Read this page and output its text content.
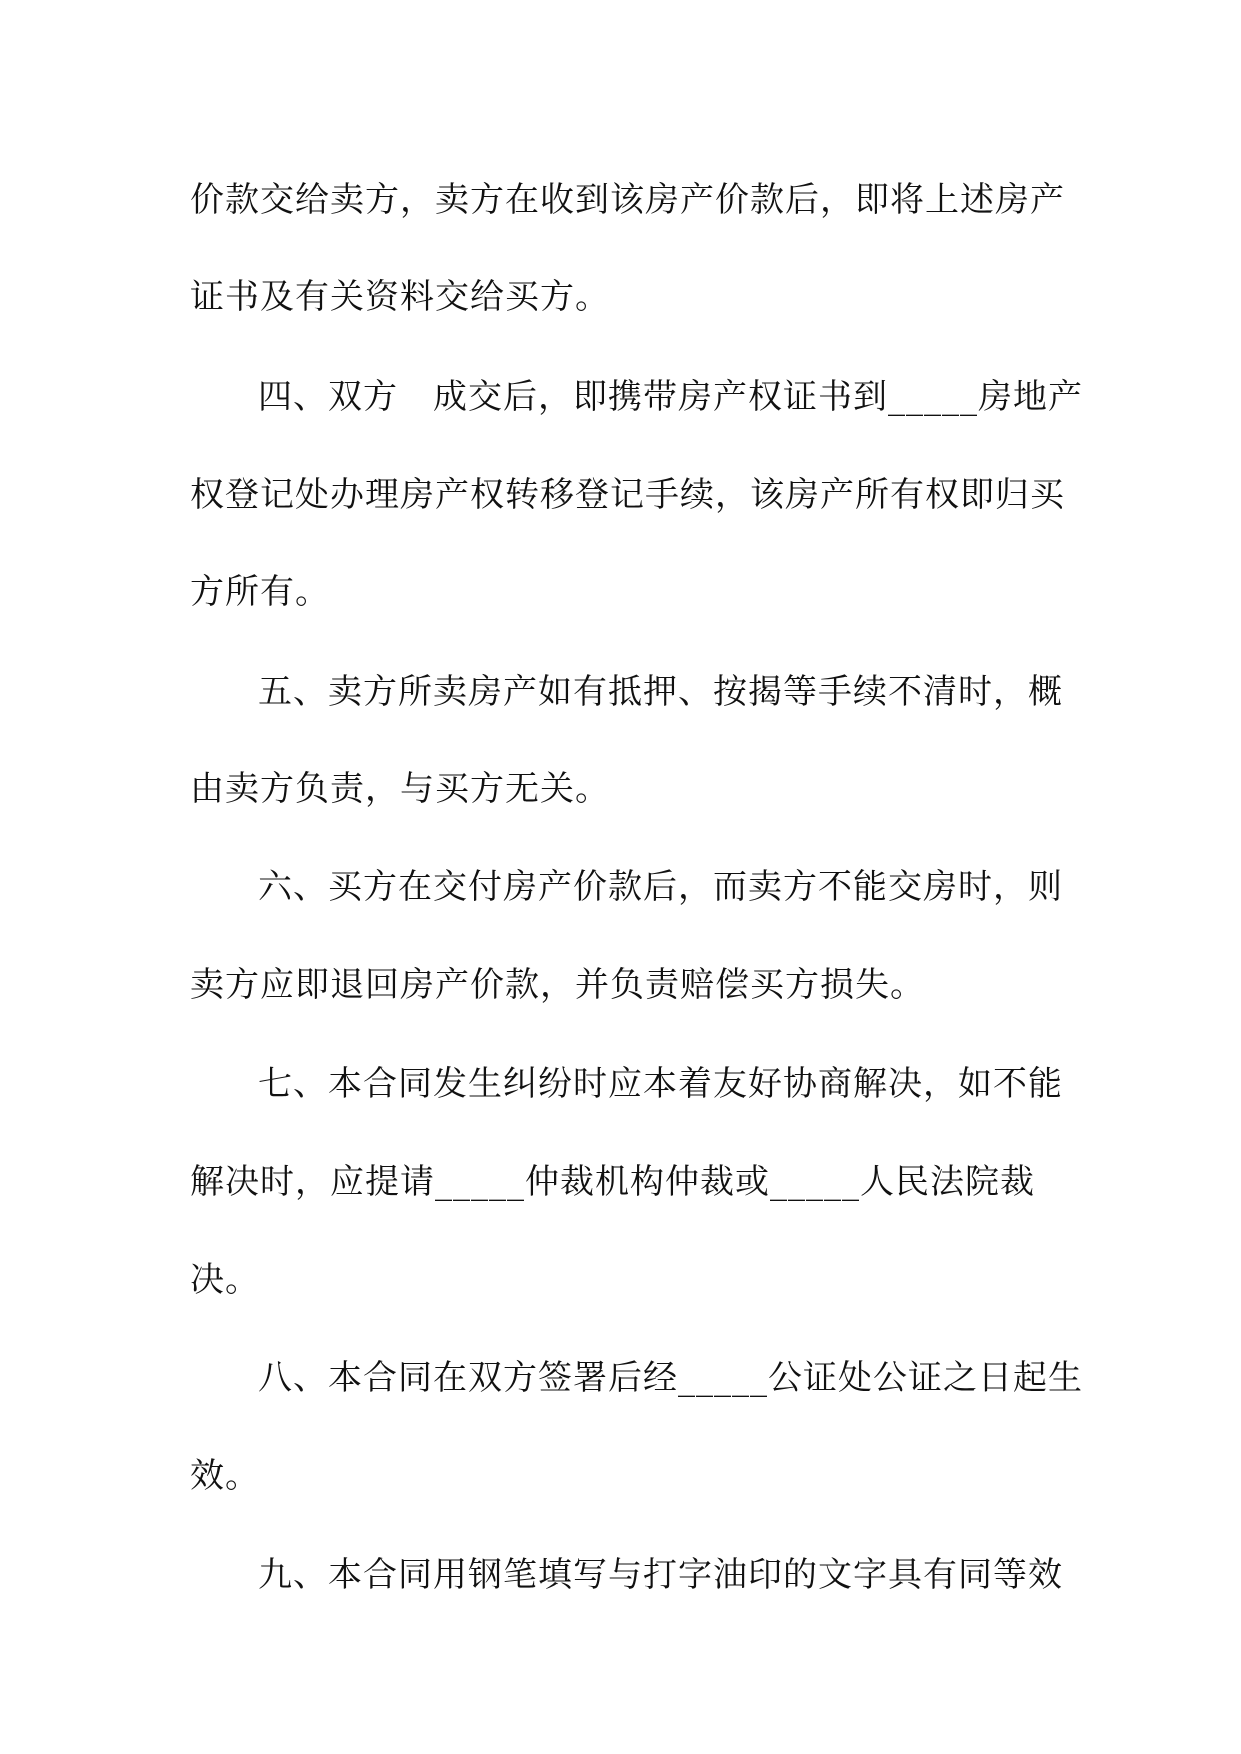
价款交给卖方，卖方在收到该房产价款后，即将上述房产
证书及有关资料交给买方。
四、双方　成交后，即携带房产权证书到_____房地产
权登记处办理房产权转移登记手续，该房产所有权即归买
方所有。
五、卖方所卖房产如有抵押、按揭等手续不清时，概
由卖方负责，与买方无关。
六、买方在交付房产价款后，而卖方不能交房时，则
卖方应即退回房产价款，并负责赔偿买方损失。
七、本合同发生纠纷时应本着友好协商解决，如不能
解决时，应提请_____仲裁机构仲裁或_____人民法院裁
决。
八、本合同在双方签署后经_____公证处公证之日起生
效。
九、本合同用钢笔填写与打字油印的文字具有同等效
